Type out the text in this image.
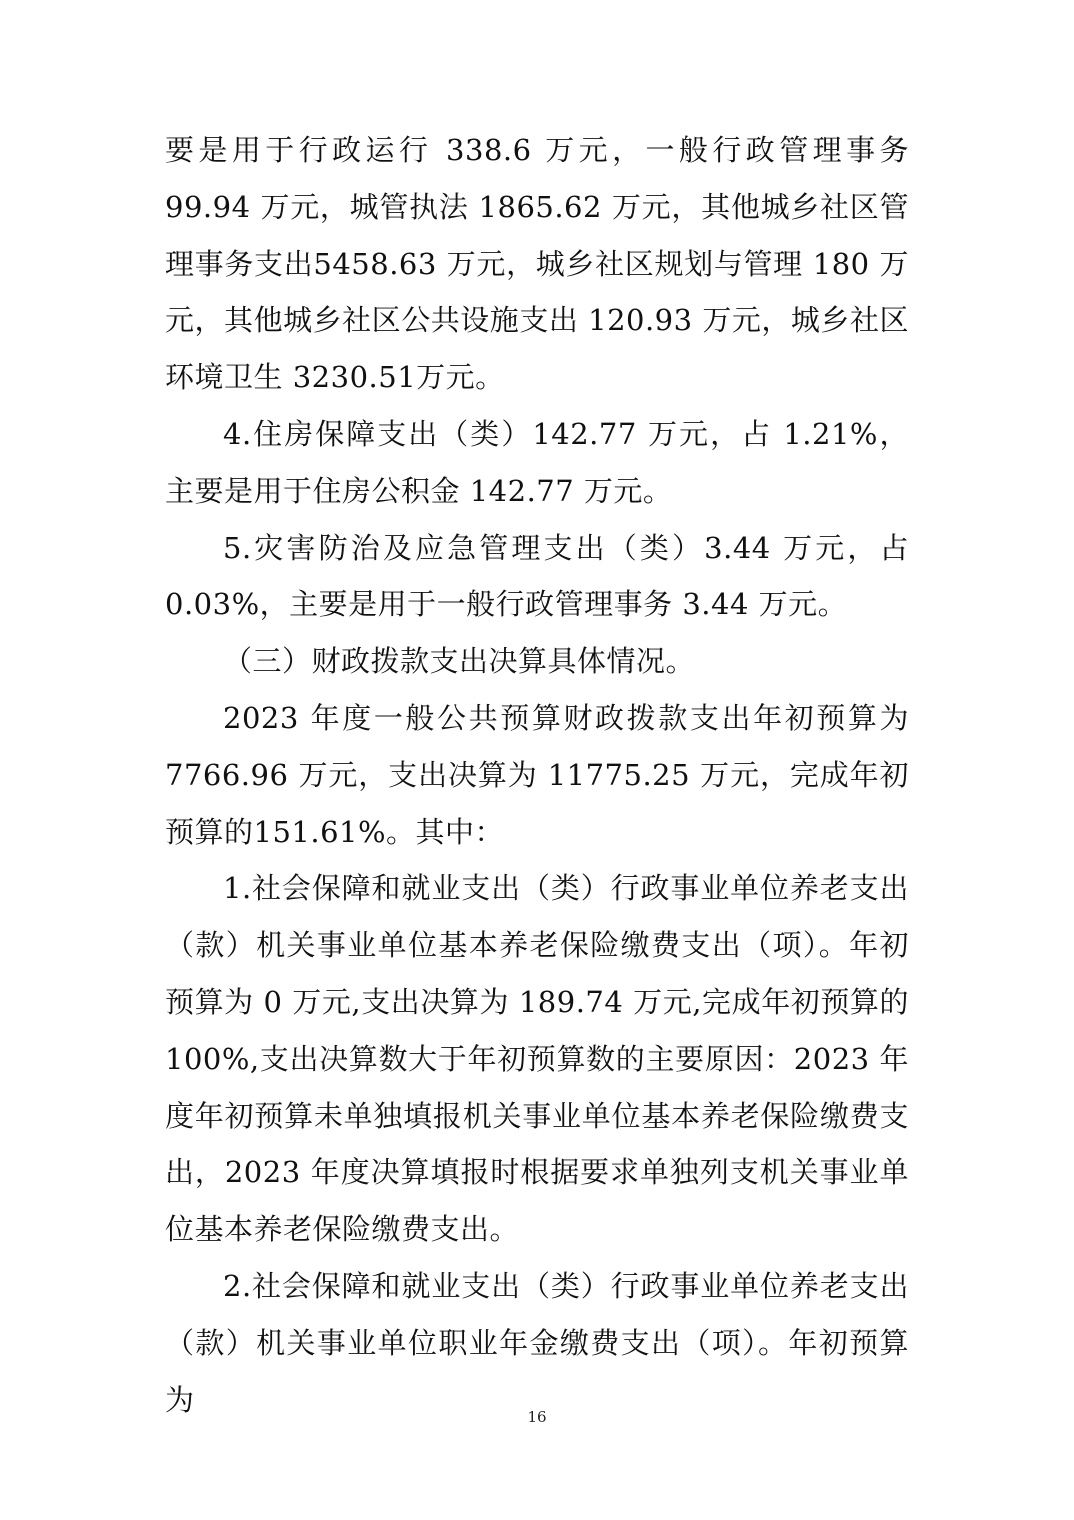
要是用于行政运行 338.6 万元，一般行政管理事务 99.94 万元，城管执法 1865.62 万元，其他城乡社区管理事务支出5458.63 万元，城乡社区规划与管理 180 万元，其他城乡社区公共设施支出 120.93 万元，城乡社区环境卫生 3230.51万元。

4.住房保障支出（类）142.77 万元，占 1.21%，主要是用于住房公积金 142.77 万元。

5.灾害防治及应急管理支出（类）3.44 万元，占 0.03%，主要是用于一般行政管理事务 3.44 万元。

（三）财政拨款支出决算具体情况。

2023 年度一般公共预算财政拨款支出年初预算为7766.96 万元，支出决算为 11775.25 万元，完成年初预算的151.61%。其中：

1.社会保障和就业支出（类）行政事业单位养老支出（款）机关事业单位基本养老保险缴费支出（项）。年初预算为 0 万元,支出决算为 189.74 万元,完成年初预算的 100%,支出决算数大于年初预算数的主要原因：2023 年度年初预算未单独填报机关事业单位基本养老保险缴费支出，2023 年度决算填报时根据要求单独列支机关事业单位基本养老保险缴费支出。

2.社会保障和就业支出（类）行政事业单位养老支出（款）机关事业单位职业年金缴费支出（项）。年初预算为

16
